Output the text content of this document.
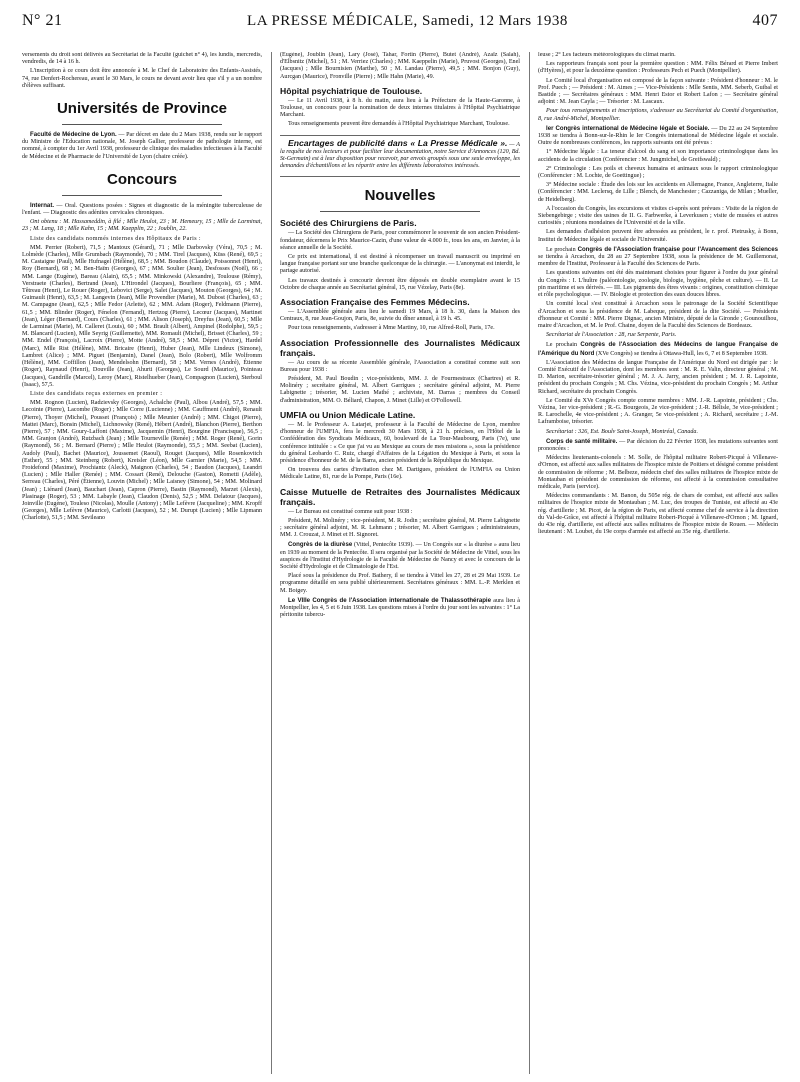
N° 21	LA PRESSE MÉDICALE, Samedi, 12 Mars 1938	407

versements du droit sont délivrés au Secrétariat de la Faculté (guichet n° 4), les lundis, mercredis, vendredis, de 14 à 16 h.

L'inscription à ce cours doit être annoncée à M. le Chef de Laboratoire des Enfants-Assistés, 74, rue Denfert-Rochereau, avant le 30 Mars, le cours ne devant avoir lieu que s'il y a un nombre d'élèves suffisant.

Universités de Province

Faculté de Médecine de Lyon. — Par décret en date du 2 Mars 1938, rendu sur le rapport du Ministre de l'Education nationale, M. Joseph Gallier, professeur de pathologie interne, est nommé, à compter du 1er Avril 1938, professeur de clinique des maladies infectieuses à la Faculté de Médecine et de Pharmacie de l'Université de Lyon (chaire créée).

Concours

Internat. — Oral. Questions posées : Signes et diagnostic de la méningite tuberculeuse de l'enfant. — Diagnostic des adénites cervicales chroniques.

Ont obtenu : M. Hassameddin, à filé ; Mlle Heulot, 23 ; M. Hemeury, 15 ; Mlle de Larminat, 23 ; M. Lang, 18 ; Mlle Kahn, 15 ; MM. Kaepplin, 22 ; Joublin, 22.

Liste des candidats nommés internes des Hôpitaux de Paris :

MM. Perrier (Robert), 71,5 ; Mantoux (Gérard), 71 ; Mlle Darbovsky (Véra), 70,5 ; M. Lolmède (Charles), Mlle Grumbach (Raymonde), 70 ; MM. Tirel (Jacques), Küss (René), 69,5 ; M. Castaigne (Paul), Mlle Hufnagel (Hélène), 68,5 ; MM. Boudon (Claude), Poissonnet (Henri), Roy (Bernard), 68 ; M. Ben-Haïm (Georges), 67 ; MM. Soulier (Jean), Desfosses (Noël), 66 ; MM. Lange (Eugène), Bareau (Alain), 65,5 ; MM. Minkowski (Alexandre), Toulouse (Rémy), Verstraete (Charles), Bertrand (Jean), L'Hirondel (Jacques), Bourliere (François), 65 ; MM. Têtreau (Henri), Le Rouer (Roger), Lebovici (Serge), Salet (Jacques), Mouton (Georges), 64 ; M. Guimault (Henri), 63,5 ; M. Langevin (Jean), Mlle Provendier (Marie), M. Dubost (Charles), 63 ; M. Campagne (Jean), 62,5 ; Mlle Fedor (Arlette), 62 ; MM. Adam (Roger), Feldmann (Pierre), 61,5 ; MM. Blinder (Roger), Fénelon (Fernand), Hertzog (Pierre), Lecœur (Jacques), Martinet (Jean), Léger (Bernard), Cours (Charles), 61 ; MM. Alison (Joseph), Dreyfus (Jean), 60,5 ; Mlle de Larminat (Marie), M. Calleret (Louis), 60 ; MM. Brault (Albert), Ampinel (Rodolphe), 59,5 ; M. Blancard (Lucien), Mlle Seyrig (Guillemette), MM. Romault (Michel), Brisset (Charles), 59 ; MM. Endel (François), Lacroix (Pierre), Motte (André), 58,5 ; MM. Dépret (Victor), Hardel (Marc), Mlle Rist (Hélène), MM. Bricaire (Henri), Huber (Jean), Mlle Lindeux (Simone), Lambret (Alice) ; MM. Piguet (Benjamin), Danel (Jean), Bolo (Robert), Mlle Wolfromm (Hélène), MM. Coffillon (Jean), Mendelsohn (Bernard), 58 ; MM. Vernes (André), Étienne (Roger), Raynaud (Henri), Douville (Jean), Ahurti (Georges), Le Sourd (Maurice), Pointeau (Jacques), Gandrille (Marcel), Leroy (Marc), Ristelhueber (Jean), Compagnon (Lucien), Sterboul (Isaac), 57,5.

Liste des candidats reçus externes en premier :

MM. Rognon (Lucien), Radzievsky (Georges), Achalche (Paul), Albou (André), 57,5 ; MM. Lecointe (Pierre), Lacombe (Roger) ; Mlle Corre (Lucienne) ; MM. Cauffment (André), Renault (Pierre), Thoyer (Michel), Pousset (François) ; Mlle Meunier (André) ; MM. Chigot (Pierre), Mattei (Marc), Bonsin (Michel), Lichnowsky (René), Hébert (André), Blanchon (Pierre), Berthon (Pierre), 57 ; MM. Goury-Laffont (Maxime), Jacquemin (Henri), Bourgine (Francisque), 56,5 ; MM. Granjon (André), Rutzbach (Jean) ; Mlle Tourneville (Renée) ; MM. Roger (René), Gorin (Raymond), 56 ; M. Bernard (Pierre) ; Mlle Heulot (Raymonde), 55,5 ; MM. Seebat (Lucien), Audoly (Paul), Bachet (Maurice), Joussemet (Raoul), Rouget (Jacques), Mlle Rosenkovitch (Esther), 55 ; MM. Steinberg (Robert), Kreisler (Léon), Mlle Garnier (Marie), 54,5 ; MM. Froidefond (Maxime), Prochiantz (Aleck), Maignon (Charles), 54 ; Baudon (Jacques), Leandri (Lucien) ; Mlle Haller (Renée) ; MM. Cossart (René), Delouche (Gaston), Rometti (Adèle), Serreau (Charles), Péré (Étienne), Louvin (Michel) ; Mlle Laisney (Simone), 54 ; MM. Molinard (Jean) ; Liénard (Jean), Bauchart (Jean), Capron (Pierre), Bastin (Raymond), Marzet (Alexis), Plasinage (Roger), 53 ; MM. Labayle (Jean), Claudon (Denis), 52,5 ; MM. Delatour (Jacques), Joinville (Eugène), Touleso (Nicolas), Moulle (Antony) ; Mlle Lefèvre (Jacqueline) ; MM. Kropff (Georges), Mlle Lefèvre (Maurice), Carlotti (Jacques), 52 ; M. Durupt (Lucien) ; Mlle Lipmann (Charlotte), 51,5 ; MM. Sevileano

(Eugène), Joublin (Jean), Lary (José), Tahar, Fortin (Pierre), Butet (André), Azaïz (Salah), d'Elbsnitz (Michel), 51 ; M. Verriez (Charles) ; MM. Kaeppelin (Marie), Pruvost (Georges), Enel (Jacques) ; Mlle Bournisien (Marthe), 50 ; M. Landau (Pierre), 49,5 ; MM. Bonjon (Guy), Aurcgan (Maurice), Fronville (Pierre) ; Mlle Hahn (Marie), 49.

Hôpital psychiatrique de Toulouse.

— Le 11 Avril 1938, à 8 h. du matin, aura lieu à la Préfecture de la Haute-Garonne, à Toulouse, un concours pour la nomination de deux internes titulaires à l'Hôpital Psychiatrique Marchant.

Tous renseignements peuvent être demandés à l'Hôpital Psychiatrique Marchant, Toulouse.

Encartages de publicité dans « La Presse Médicale ». — A la requête de nos lecteurs et pour faciliter leur documentation, notre Service d'Annonces (120, Bd. St-Germain) est à leur disposition pour recevoir, par envois groupés sous une seule enveloppe, les demandes d'échantillons et les répartir entre les différents laboratoires intéressés.

Nouvelles
Société des Chirurgiens de Paris.

— La Société des Chirurgiens de Paris, pour commémorer le souvenir de son ancien Président-fondateur, décernera le Prix Maurice-Cazin, d'une valeur de 4.000 fr., tous les ans, en Janvier, à la séance annuelle de la Société.

Ce prix est international, il est destiné à récompenser un travail manuscrit ou imprimé en langue française portant sur une branche quelconque de la chirurgie. — L'anonymat est interdit, le partage autorisé.

Les travaux destinés à concourir devront être déposés en double exemplaire avant le 15 Octobre de chaque année au Secrétariat général, 15, rue Vézelay, Paris (8e).

Association Française des Femmes Médecins.

— L'Assemblée générale aura lieu le samedi 19 Mars, à 18 h. 30, dans la Maison des Centraux, 8, rue Jean-Goujon, Paris, 8e, suivie du dîner annuel, à 19 h. 45.

Pour tous renseignements, s'adresser à Mme Martiny, 10, rue Alfred-Roll, Paris, 17e.

Association Professionnelle des Journalistes Médicaux français.

— Au cours de sa récente Assemblée générale, l'Association a constitué comme suit son Bureau pour 1938 :

Président, M. Paul Boudin ; vice-présidents, MM. J. de Fourmestraux (Chartres) et R. Molinéry ; secrétaire général, M. Albert Garrigues ; secrétaire général adjoint, M. Pierre Labignette ; trésorier, M. Lucien Mathé ; archiviste, M. Darras ; membres du Conseil d'administration, MM. O. Béliard, Chapon, J. Minet (Lille) et O'Followell.

UMFIA ou Union Médicale Latine.

— M. le Professeur A. Latarjet, professeur à la Faculté de Médecine de Lyon, membre d'honneur de l'UMFIA, fera le mercredi 30 Mars 1938, à 21 h. précises, en l'Hôtel de la Confédération des Syndicats Médicaux, 60, boulevard de La Tour-Maubourg, Paris (7e), une conférence intitulée : « Ce que j'ai vu au Mexique au cours de mes missions », sous la présidence du général Leobardo C. Ruiz, chargé d'Affaires de la Légation du Mexique à Paris, et sous la présidence d'honneur de M. de la Barra, ancien président de la République du Mexique.

On trouvera des cartes d'invitation chez M. Dartigues, président de l'UMFIA ou Union Médicale Latine, 81, rue de la Pompe, Paris (16e).

Caisse Mutuelle de Retraites des Journalistes Médicaux français.

— Le Bureau est constitué comme suit pour 1938 :

Président, M. Molinéry ; vice-président, M. R. Jodin ; secrétaire général, M. Pierre Labignette ; secrétaire général adjoint, M. R. Lehmann ; trésorier, M. Albert Garrigues ; administrateurs, MM. J. Crouzat, J. Minet et H. Signoret.

Congrès de la diurèse (Vittel, Pentecôte 1939). — Un Congrès sur « la diurèse » aura lieu en 1939 au moment de la Pentecôte. Il sera organisé par la Société de Médecine de Vittel, sous les auspices de l'Institut d'Hydrologie de la Faculté de Médecine de Nancy et avec le concours de la Société d'Hydrologie et de Climatologie de l'Est.

Placé sous la présidence du Prof. Bathery, il se tiendra à Vittel les 27, 28 et 29 Mai 1939. Le programme détaillé en sera publié ultérieurement. Secrétaires généraux : MM. L.-P. Merklen et M. Boigey.

Le VIIIe Congrès de l'Association internationale de Thalassothérapie aura lieu à Montpellier, les 4, 5 et 6 Juin 1938. Les questions mises à l'ordre du jour sont les suivantes : 1° La péritonite tubercu-

leuse ; 2° Les facteurs météorologiques du climat marin.

Les rapporteurs français sont pour la première question : MM. Félix Bérard et Pierre Imbert (d'Hyères), et pour la deuxième question : Professeurs Pech et Puech (Montpellier).

Le Comité local d'organisation est composé de la façon suivante : Président d'honneur : M. le Prof. Puech ; — Président : M. Aimes ; — Vice-Présidents : Mlle Sentis, MM. Seberb, Guibal et Bastide ; — Secrétaires généraux : MM. Henri Estor et Robert Lafon ; — Secrétaire général adjoint : M. Jean Cayla ; — Trésorier : M. Lascaux.

Pour tous renseignements et inscriptions, s'adresser au Secrétariat du Comité d'organisation, 8, rue André-Michel, Montpellier.

Ier Congrès international de Médecine légale et Sociale. — Du 22 au 24 Septembre 1938 se tiendra à Bonn-sur-le-Rhin le Ier Congrès international de Médecine légale et sociale. Outre de nombreuses conférences, les rapports suivants ont été prévus :

1° Médecine légale : La teneur d'alcool du sang et son importance criminologique dans les accidents de la circulation (Conférencier : M. Jungmichel, de Greifswald) ;

2° Criminologie : Les poils et cheveux humains et animaux sous le rapport criminologique (Conférencier : M. Lochte, de Goettingue) ;

3° Médecine sociale : Étude des lois sur les accidents en Allemagne, France, Angleterre, Italie (Conférencier : MM. Leclersq, de Lille ; Blench, de Manchester ; Cazzaniga, de Milan ; Mueller, de Heidelberg).

A l'occasion du Congrès, les excursions et visites ci-après sont prévues : Visite de la région de Siebengebirge ; visite des usines de II. G. Farbwerke, à Leverkusen ; visite de musées et autres curiosités ; réunions mondaines de l'Université et de la ville.

Les demandes d'adhésion peuvent être adressées au président, le r. prof. Pietrusky, à Bonn, Institut de Médecine légale et sociale de l'Université.

Le prochain Congrès de l'Association française pour l'Avancement des Sciences se tiendra à Arcachon, du 28 au 27 Septembre 1938, sous la présidence de M. Guillemonat, membre de l'Institut, Professeur à la Faculté des Sciences de Paris.

Les questions suivantes ont été dès maintenant choisies pour figurer à l'ordre du jour général du Congrès : I. L'huître (paléontologie, zoologie, biologie, hygiène, pêche et culture). — II. Le pin maritime et ses dérivés. — III. Les pigments des êtres vivants : origines, constitution chimique et rôle psychologique. — IV. Biologie et protection des eaux douces libres.

Un comité local s'est constitué à Arcachon sous le patronage de la Société Scientifique d'Arcachon et sous la présidence de M. Labeque, président de la dite Société. — Présidents d'honneur et Comité : MM. Pierre Dignac, ancien Ministre, député de la Gironde ; Gounouilhou, maire d'Arcachon, et M. le Prof. Chaine, doyen de la Faculté des Sciences de Bordeaux.

Secrétariat de l'Association : 28, rue Serpente, Paris.

Le prochain Congrès de l'Association des Médecins de langue Française de l'Amérique du Nord (XVe Congrès) se tiendra à Ottawa-Hull, les 6, 7 et 8 Septembre 1938.

L'Association des Médecins de langue Française de l'Amérique du Nord est dirigée par : le Comité Exécutif de l'Association, dont les membres sont : M. R. E. Valin, directeur général ; M. D. Marion, secrétaire-trésorier général ; M. J. A. Jarry, ancien président ; M. J. R. Lapointe, président du prochain Congrès ; M. Chs. Vézina, vice-président du prochain Congrès ; M. Arthur Richard, secrétaire du prochain Congrès.

Le Comité du XVe Congrès compte comme membres : MM. J.-R. Lapointe, président ; Chs. Vézina, 1er vice-président ; R.-G. Bourgeois, 2e vice-président ; J.-R. Bélisle, 3e vice-président ; R. Larochelle, 4e vice-président ; A. Granger, 5e vice-président ; A. Richard, secrétaire ; J.-M. Laframboise, trésorier.

Secrétariat : 326, Est. Boulv Saint-Joseph, Montréal, Canada.

Corps de santé militaire. — Par décision du 22 Février 1938, les mutations suivantes sont prononcées :

Médecins lieutenants-colonels : M. Solle, de l'hôpital militaire Robert-Picqué à Villenave-d'Ornon, est affecté aux salles militaires de l'hospice mixte de Poitiers et désigné comme président de commission de réforme ; M. Belbeze, médecin chef des salles militaires de l'hospice mixte de Montauban et président de commission de réforme, est affecté à la commission consultative médicale, Paris (service).

Médecins commandants : M. Banon, du 505e rég. de chars de combat, est affecté aux salles militaires de l'hospice mixte de Montauban ; M. Luc, des troupes de Tunisie, est affecté au 43e rég. d'artillerie ; M. Picot, de la région de Paris, est affecté comme chef de service à la direction du Val-de-Grâce, est affecté à l'hôpital militaire Robert-Picqué à Villenave-d'Ornon ; M. Ignard, du 43e rég. d'artillerie, est affecté aux salles militaires de l'hospice mixte de Rouen. — Médecin lieutenant : M. Loubet, du 19e corps d'armée est affecté au 35e rég. d'artillerie.
